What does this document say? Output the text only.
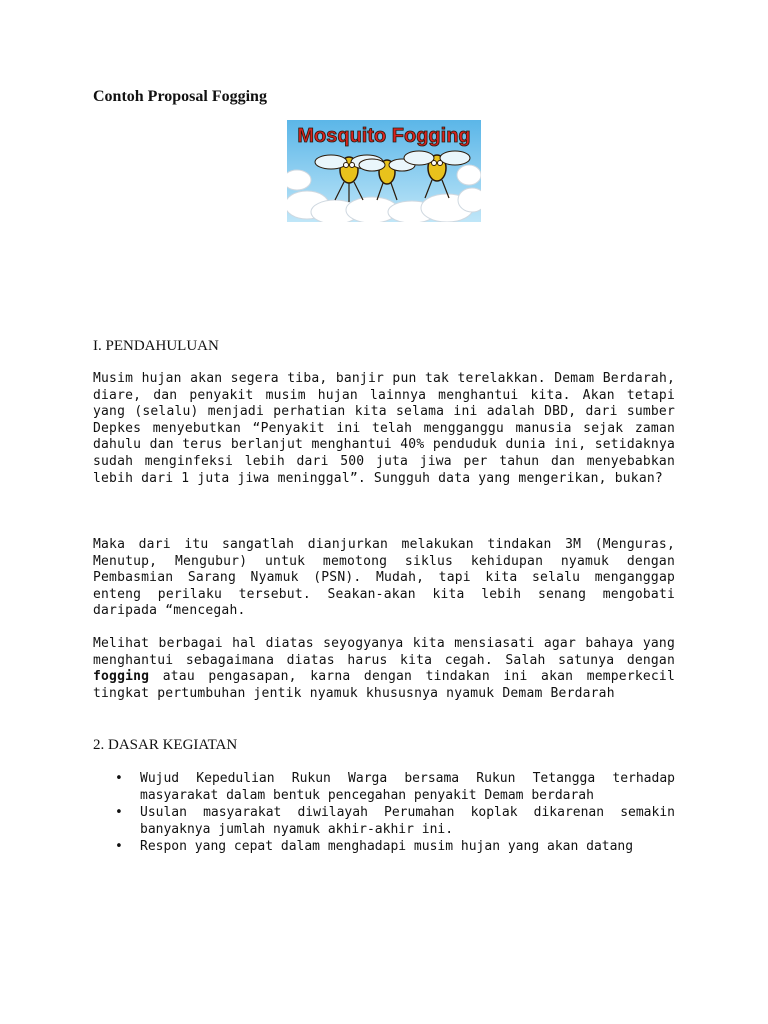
Contoh Proposal Fogging
Mosquito Fogging
I. PENDAHULUAN
Musim hujan akan segera tiba, banjir pun tak terelakkan. Demam Berdarah, diare, dan penyakit musim hujan lainnya menghantui kita. Akan tetapi yang (selalu) menjadi perhatian kita selama ini adalah DBD, dari sumber Depkes menyebutkan “Penyakit ini telah mengganggu manusia sejak zaman dahulu dan terus berlanjut menghantui 40% penduduk dunia ini, setidaknya sudah menginfeksi lebih dari 500 juta jiwa per tahun dan menyebabkan lebih dari 1 juta jiwa meninggal”. Sungguh data yang mengerikan, bukan?
Maka dari itu sangatlah dianjurkan melakukan tindakan 3M (Menguras, Menutup, Mengubur) untuk memotong siklus kehidupan nyamuk dengan Pembasmian Sarang Nyamuk (PSN). Mudah, tapi kita selalu menganggap enteng perilaku tersebut. Seakan-akan kita lebih senang mengobati daripada “mencegah.
Melihat berbagai hal diatas seyogyanya kita mensiasati agar bahaya yang menghantui sebagaimana diatas harus kita cegah. Salah satunya dengan fogging atau pengasapan, karna dengan tindakan ini akan memperkecil tingkat pertumbuhan jentik nyamuk khususnya nyamuk Demam Berdarah
2. DASAR KEGIATAN
• Wujud Kepedulian Rukun Warga bersama Rukun Tetangga terhadap masyarakat dalam bentuk pencegahan penyakit Demam berdarah
• Usulan masyarakat diwilayah Perumahan koplak dikarenan semakin banyaknya jumlah nyamuk akhir-akhir ini.
• Respon yang cepat dalam menghadapi musim hujan yang akan datang
